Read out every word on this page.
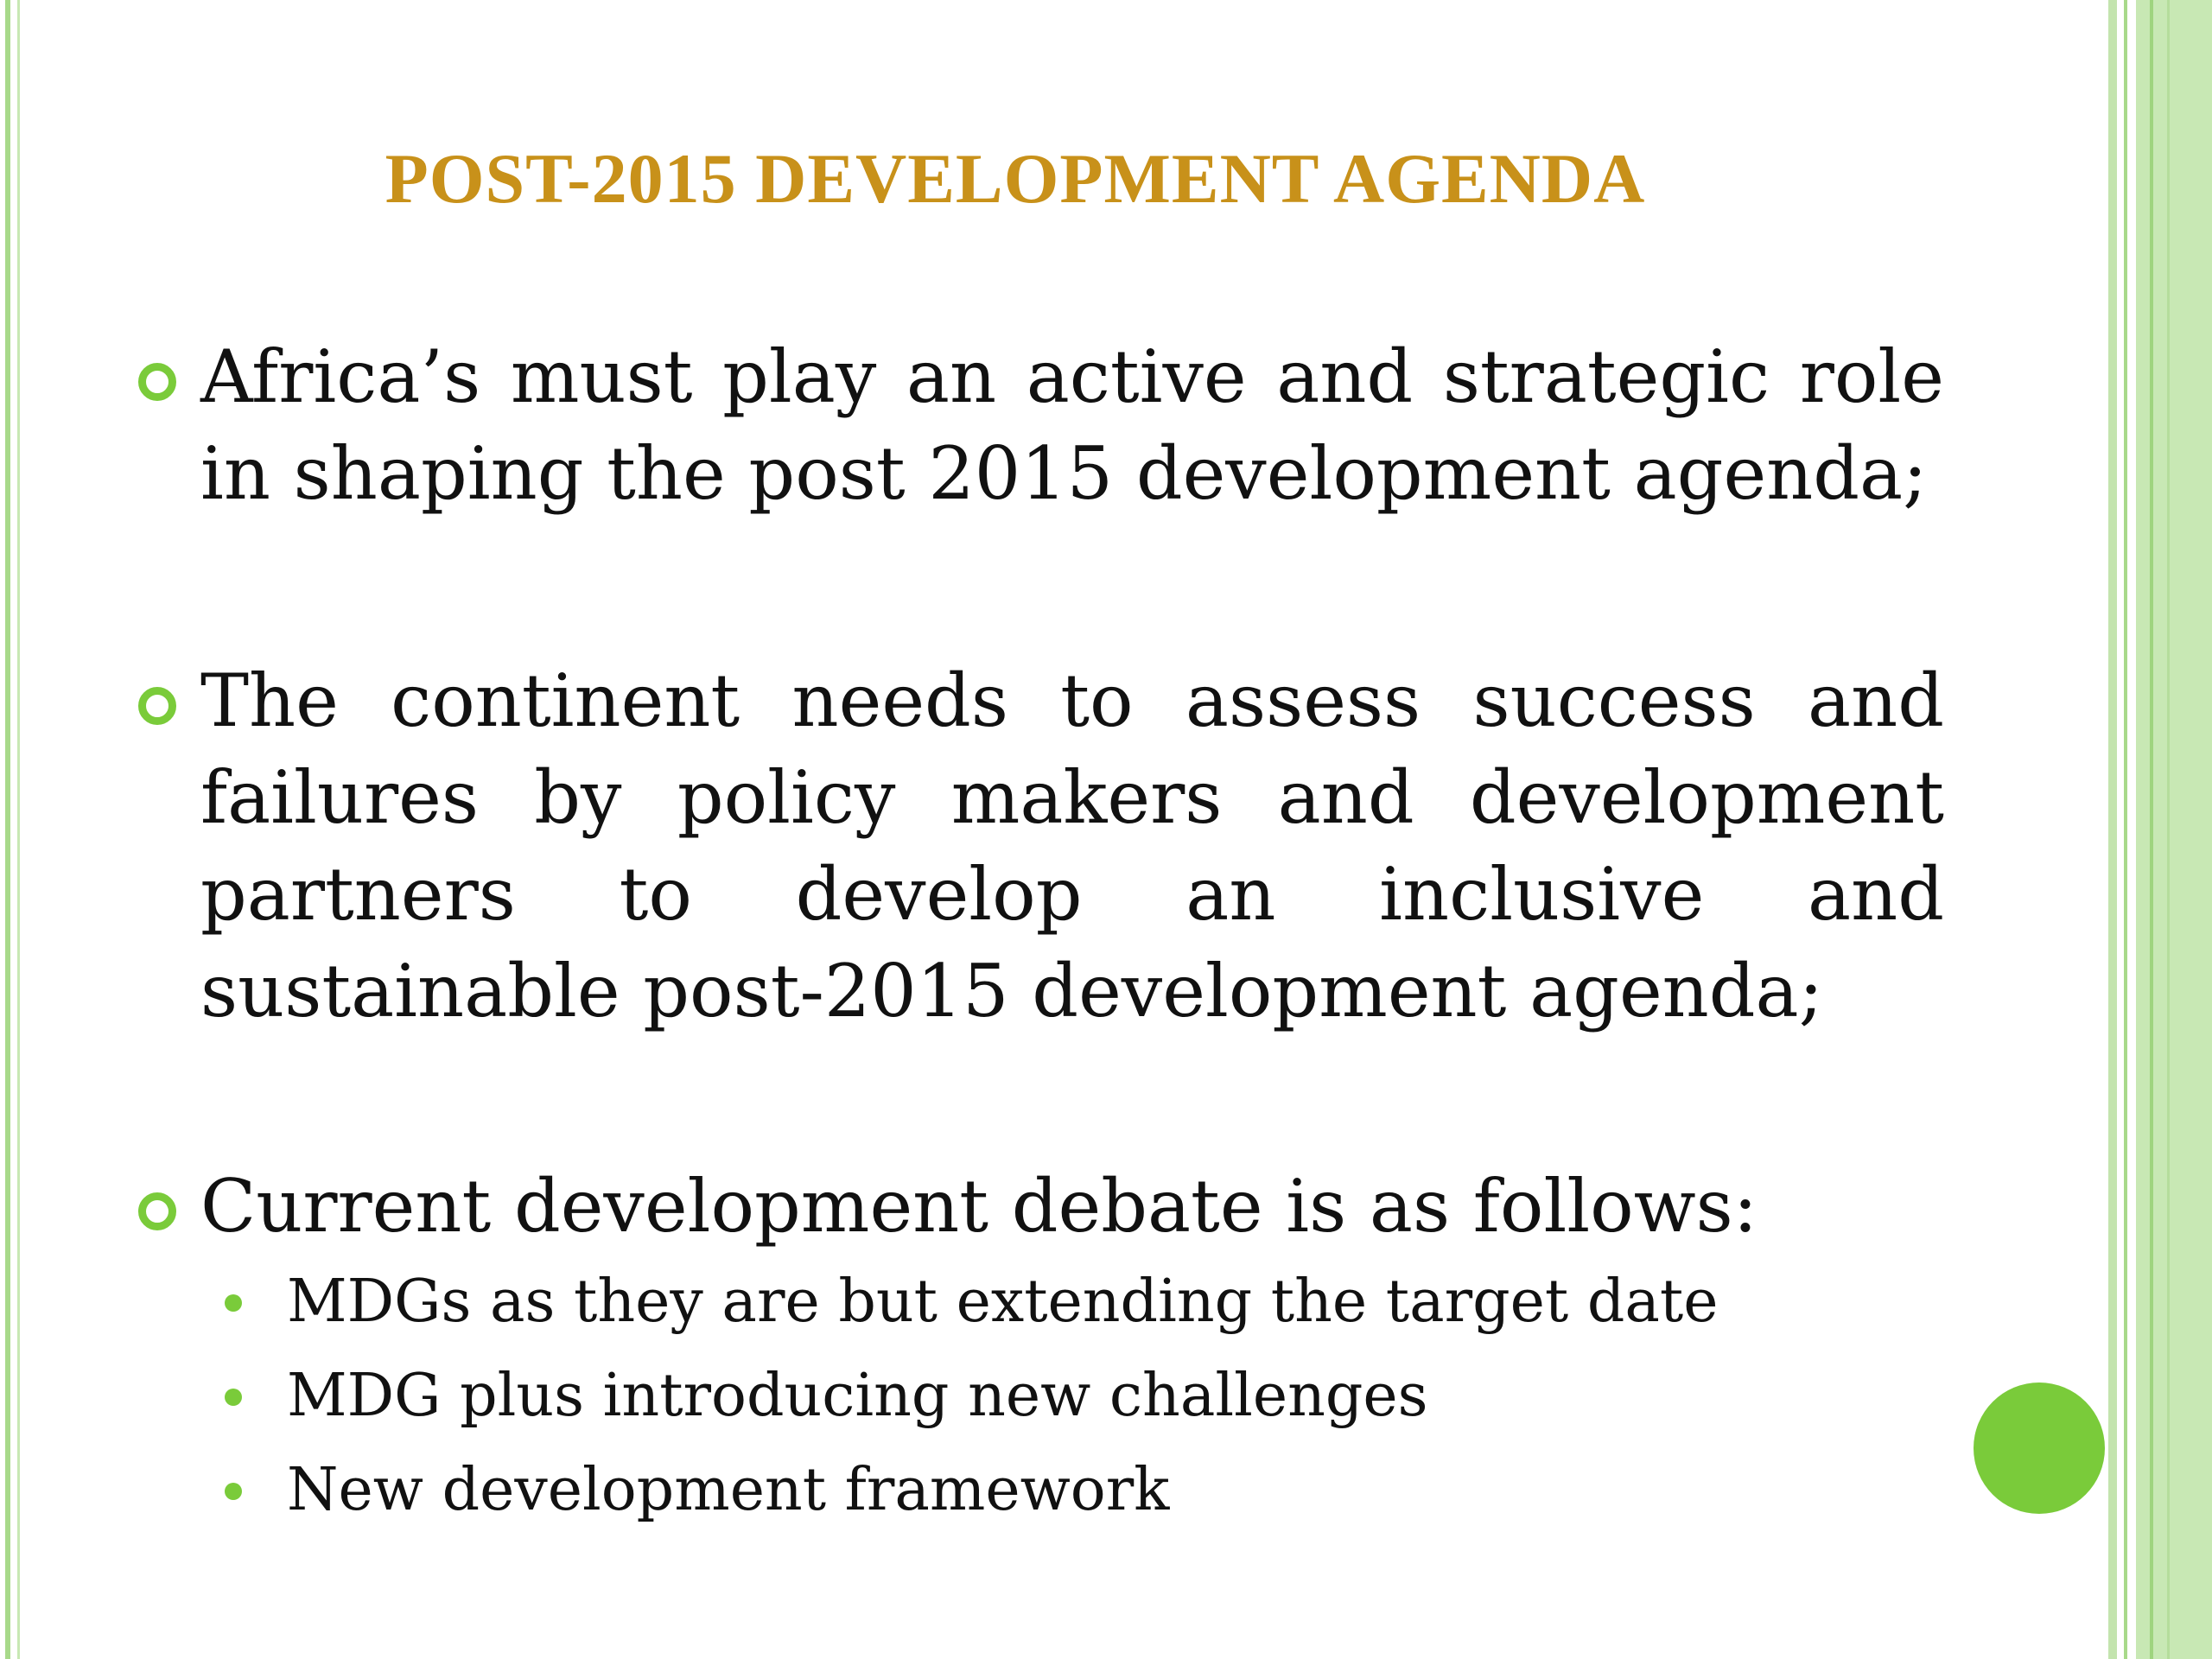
POST-2015 DEVELOPMENT AGENDA
Africa’s must play an active and strategic role in shaping the post 2015 development agenda;
The continent needs to assess success and failures by policy makers and development partners to develop an inclusive and sustainable post-2015 development agenda;
Current development debate is as follows:
MDGs as they are but extending the target date
MDG plus introducing new challenges
New development framework
